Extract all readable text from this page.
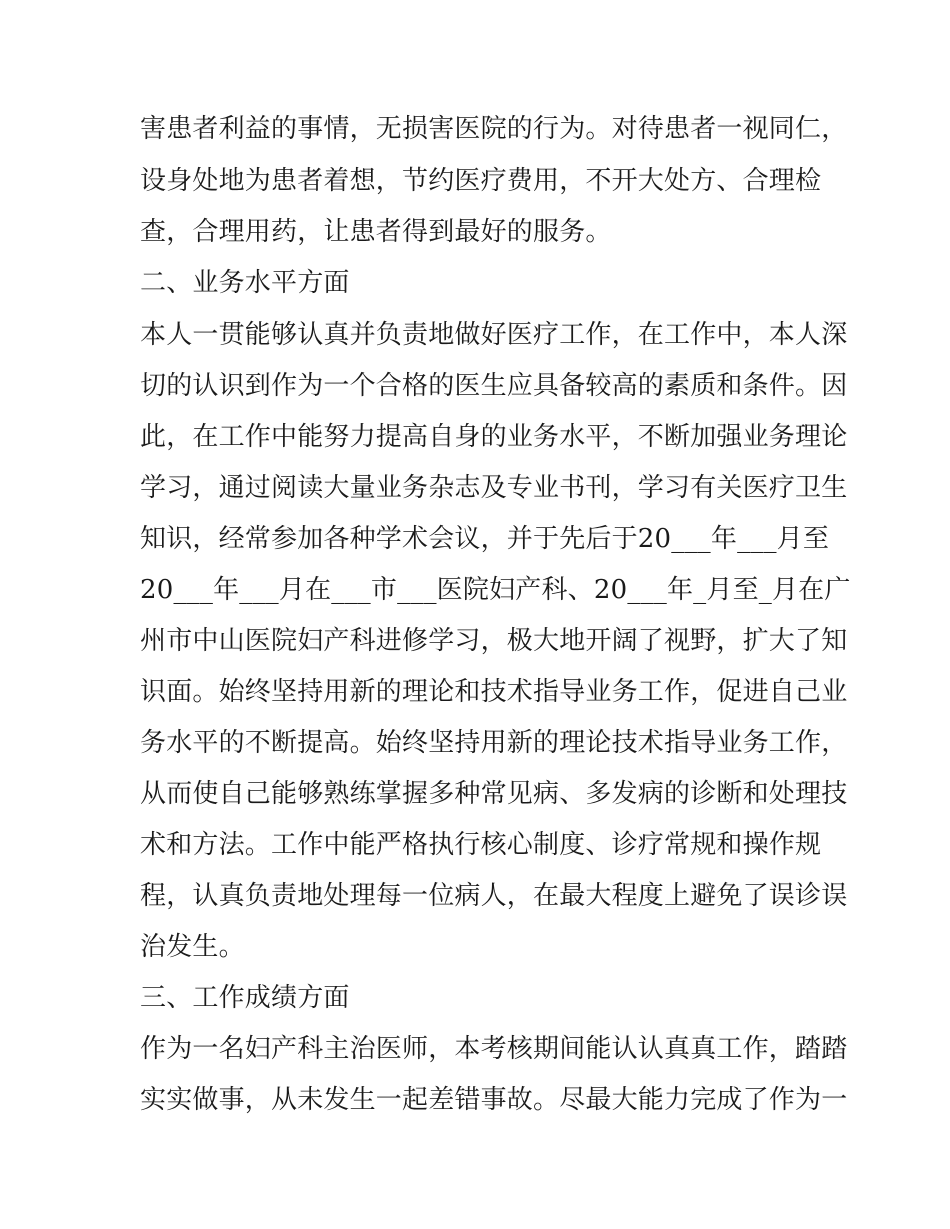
害患者利益的事情，无损害医院的行为。对待患者一视同仁，
设身处地为患者着想，节约医疗费用，不开大处方、合理检
查，合理用药，让患者得到最好的服务。
二、业务水平方面
本人一贯能够认真并负责地做好医疗工作，在工作中，本人深
切的认识到作为一个合格的医生应具备较高的素质和条件。因
此，在工作中能努力提高自身的业务水平，不断加强业务理论
学习，通过阅读大量业务杂志及专业书刊，学习有关医疗卫生
知识，经常参加各种学术会议，并于先后于20___年___月至
20___年___月在___市___医院妇产科、20___年_月至_月在广
州市中山医院妇产科进修学习，极大地开阔了视野，扩大了知
识面。始终坚持用新的理论和技术指导业务工作，促进自己业
务水平的不断提高。始终坚持用新的理论技术指导业务工作，
从而使自己能够熟练掌握多种常见病、多发病的诊断和处理技
术和方法。工作中能严格执行核心制度、诊疗常规和操作规
程，认真负责地处理每一位病人，在最大程度上避免了误诊误
治发生。
三、工作成绩方面
作为一名妇产科主治医师，本考核期间能认认真真工作，踏踏
实实做事，从未发生一起差错事故。尽最大能力完成了作为一
